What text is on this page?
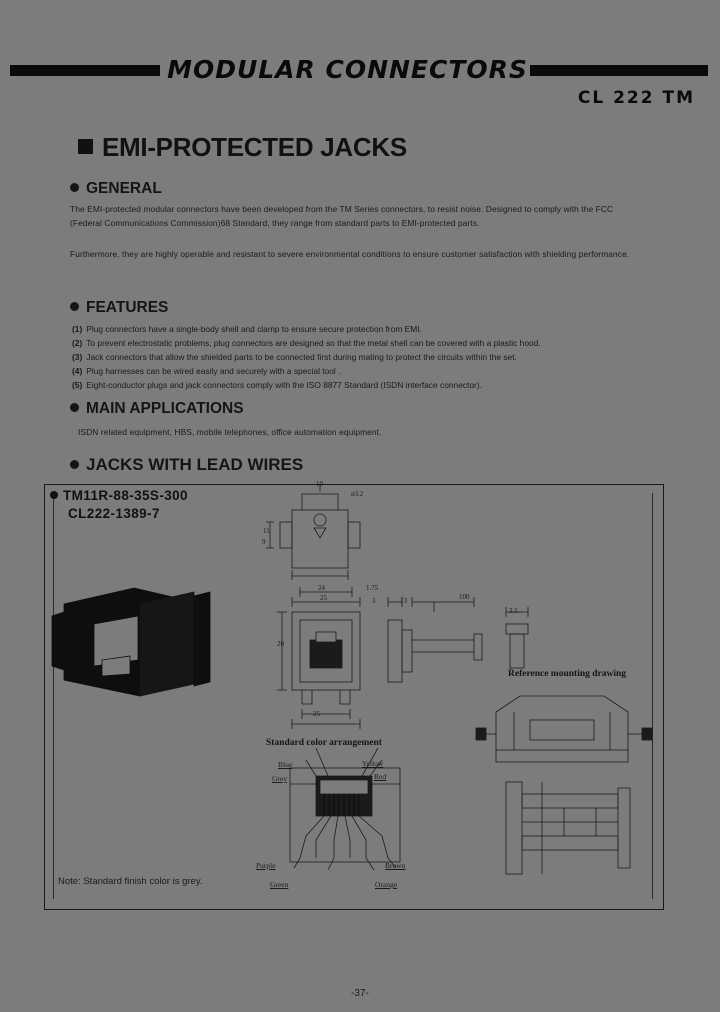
MODULAR CONNECTORS
CL 222 TM
EMI-PROTECTED JACKS
GENERAL
The EMI-protected modular connectors have been developed from the TM Series connectors, to resist noise. Designed to comply with the FCC (Federal Communications Commission)68 Standard, they range from standard parts to EMI-protected parts.
Furthermore, they are highly operable and resistant to severe environmental conditions to ensure customer satisfaction with shielding performance.
FEATURES
(1) Plug connectors have a single-body shell and clamp to ensure secure protection from EMI.
(2) To prevent electrostatic problems, plug connectors are designed so that the metal shell can be covered with a plastic hood.
(3) Jack connectors that allow the shielded parts to be connected first during mating to protect the circuits within the set.
(4) Plug harnesses can be wired easily and securely with a special tool .
(5) Eight-conductor plugs and jack connectors comply with the ISO 8877 Standard (ISDN interface connector).
MAIN APPLICATIONS
ISDN related equipment, HBS, mobile telephones, office automation equipment.
JACKS WITH LEAD WIRES
TM11R-88-35S-300
CL222-1389-7
10
ø3.2
24
25
1.75
3	13	100
3.5
20
25
11
9
Standard color arrangement
Reference mounting drawing
Blue	Yellow
Grey	Red
Purple	Brown
Green	Orange
Note: Standard finish color is grey.
-37-
